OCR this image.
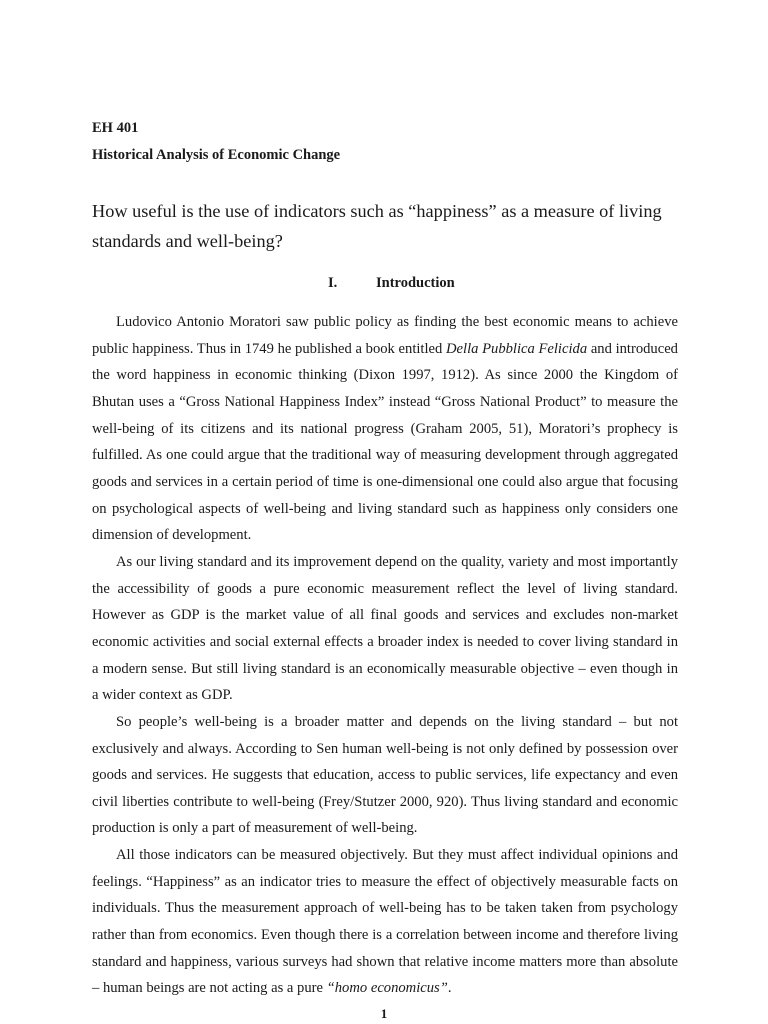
EH 401
Historical Analysis of Economic Change
How useful is the use of indicators such as “happiness” as a measure of living standards and well-being?
I.	Introduction

Ludovico Antonio Moratori saw public policy as finding the best economic means to achieve public happiness. Thus in 1749 he published a book entitled Della Pubblica Felicida and introduced the word happiness in economic thinking (Dixon 1997, 1912). As since 2000 the Kingdom of Bhutan uses a “Gross National Happiness Index” instead “Gross National Product” to measure the well-being of its citizens and its national progress (Graham 2005, 51), Moratori’s prophecy is fulfilled. As one could argue that the traditional way of measuring development through aggregated goods and services in a certain period of time is one-dimensional one could also argue that focusing on psychological aspects of well-being and living standard such as happiness only considers one dimension of development.

As our living standard and its improvement depend on the quality, variety and most importantly the accessibility of goods a pure economic measurement reflect the level of living standard. However as GDP is the market value of all final goods and services and excludes non-market economic activities and social external effects a broader index is needed to cover living standard in a modern sense. But still living standard is an economically measurable objective – even though in a wider context as GDP.

So people’s well-being is a broader matter and depends on the living standard – but not exclusively and always. According to Sen human well-being is not only defined by possession over goods and services. He suggests that education, access to public services, life expectancy and even civil liberties contribute to well-being (Frey/Stutzer 2000, 920). Thus living standard and economic production is only a part of measurement of well-being.

All those indicators can be measured objectively. But they must affect individual opinions and feelings. “Happiness” as an indicator tries to measure the effect of objectively measurable facts on individuals. Thus the measurement approach of well-being has to be taken taken from psychology rather than from economics. Even though there is a correlation between income and therefore living standard and happiness, various surveys had shown that relative income matters more than absolute – human beings are not acting as a pure “homo economicus”.

1
